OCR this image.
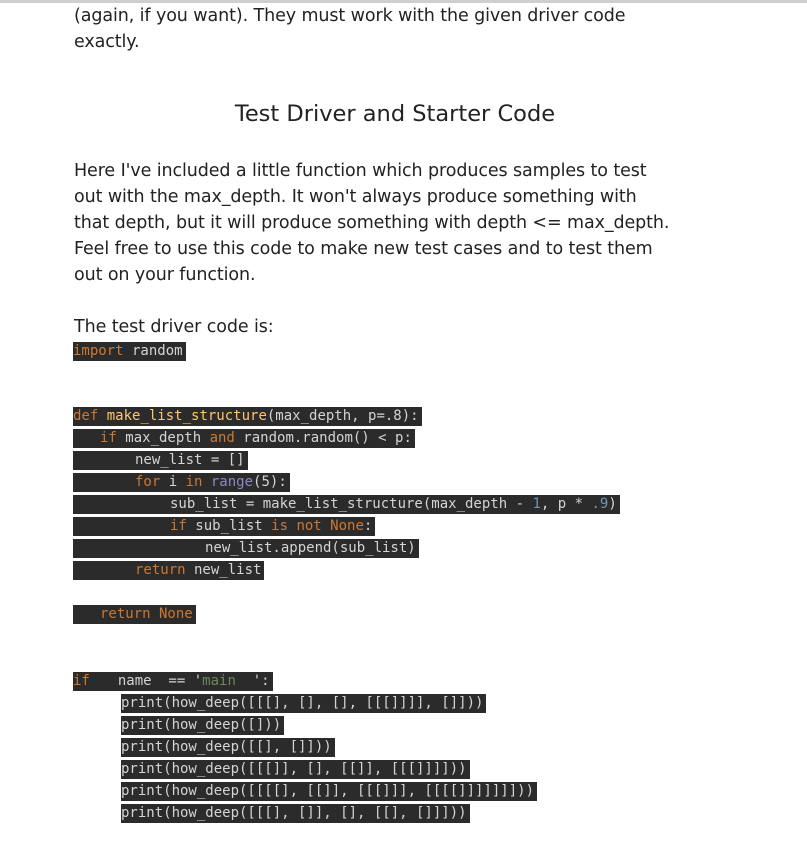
(again, if you want). They must work with the given driver code

exactly.

Test Driver and Starter Code

Here I've included a little function which produces samples to test

out with the max_depth. It won't always produce something with

that depth, but it will produce something with depth <= max_depth.

Feel free to use this code to make new test cases and to test them

out on your function.

The test driver code is:

import random
def make_list_structure(max_depth, p=.8):
if max_depth and random.random() < p:
new_list = []
for i in range(5):
sub_list = make_list_structure(max_depth - 1, p * .9)
if sub_list is not None:
new_list.append(sub_list)
return new_list
return None
if name  == 'main  ':
print(how_deep([[[], [], [], [[[]]]], []]))
print(how_deep([]))
print(how_deep([[], []]))
print(how_deep([[[]], [], [[]], [[[]]]]))
print(how_deep([[[[], [[]], [[[]]], [[[[]]]]]]]))
print(how_deep([[[], []], [], [[], []]]))
